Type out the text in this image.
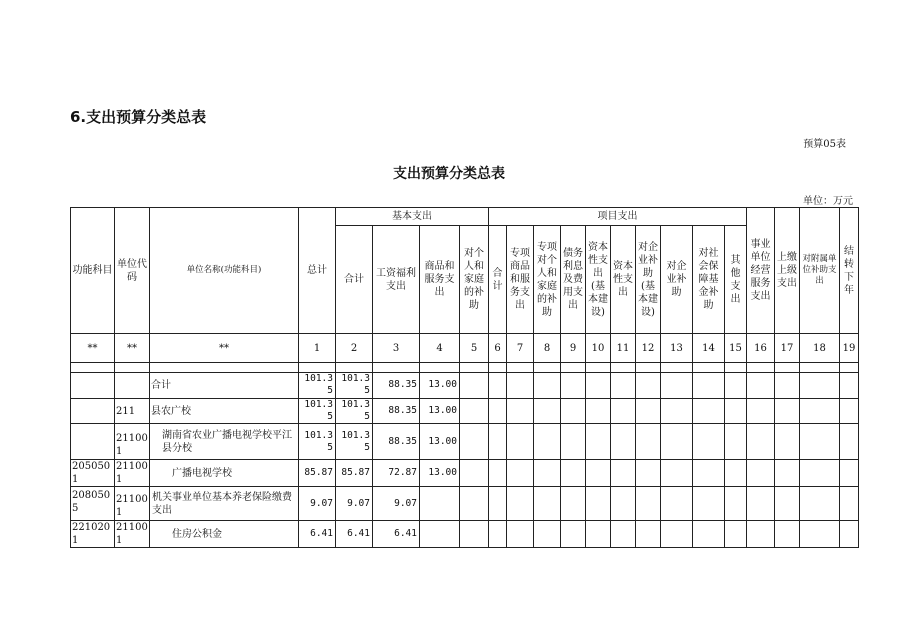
6.支出预算分类总表
预算05表
支出预算分类总表
单位：万元
功能科目	单位代码	单位名称(功能科目)	总计	基本支出				项目支出										事业单位经营服务支出	上缴上级支出	对附属单位补助支出	结转下年
				合计	工资福利支出	商品和服务支出	对个人和家庭的补助	合计	专项商品和服务支出	专项对个人和家庭的补助	债务利息及费用支出	资本性支出(基本建设)	资本性支出	对企业补助(基本建设)	对企业补助	对社会保障基金补助	其他支出				
**	**	**	1	2	3	4	5	6	7	8	9	10	11	12	13	14	15	16	17	18	19

		合计	101.35	101.35	88.35	13.00															
	211	县农广校	101.35	101.35	88.35	13.00															
	211001	湖南省农业广播电视学校平江县分校	101.35	101.35	88.35	13.00															
2050501	211001	广播电视学校	85.87	85.87	72.87	13.00															
2080505	211001	机关事业单位基本养老保险缴费支出	9.07	9.07	9.07																
2210201	211001	住房公积金	6.41	6.41	6.41																
